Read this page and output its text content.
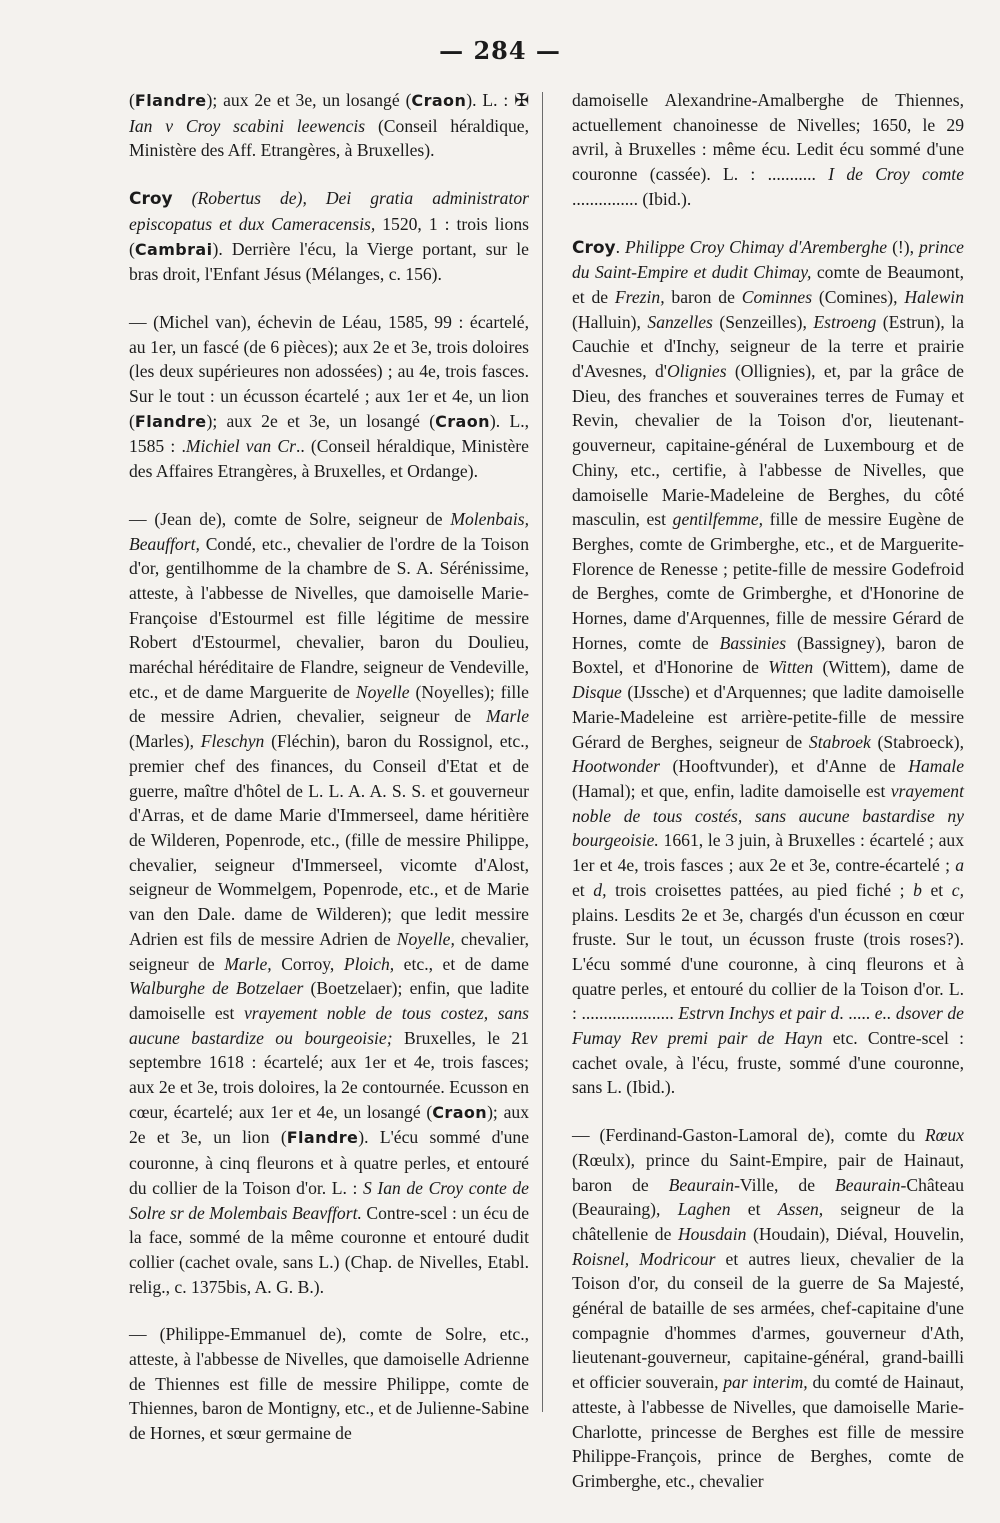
— 284 —

(Flandre); aux 2e et 3e, un losangé (Craon). L. : ✠ Ian v Croy scabini leewencis (Conseil héraldique, Ministère des Aff. Etrangères, à Bruxelles).

Croy (Robertus de), Dei gratia administrator episcopatus et dux Cameracensis, 1520, 1 : trois lions (Cambrai). Derrière l'écu, la Vierge portant, sur le bras droit, l'Enfant Jésus (Mélanges, c. 156).

— (Michel van), échevin de Léau, 1585, 99 : écartelé, au 1er, un fascé (de 6 pièces); aux 2e et 3e, trois doloires (les deux supérieures non adossées) ; au 4e, trois fasces. Sur le tout : un écusson écartelé ; aux 1er et 4e, un lion (Flandre); aux 2e et 3e, un losangé (Craon). L., 1585 : .Michiel van Cr.. (Conseil héraldique, Ministère des Affaires Etrangères, à Bruxelles, et Ordange).

— (Jean de), comte de Solre, seigneur de Molenbais, Beauffort, Condé, etc., chevalier de l'ordre de la Toison d'or, gentilhomme de la chambre de S. A. Sérénissime, atteste, à l'abbesse de Nivelles, que damoiselle Marie-Françoise d'Estourmel est fille légitime de messire Robert d'Estourmel, chevalier, baron du Doulieu, maréchal héréditaire de Flandre, seigneur de Vendeville, etc., et de dame Marguerite de Noyelle (Noyelles); fille de messire Adrien, chevalier, seigneur de Marle (Marles), Fleschyn (Fléchin), baron du Rossignol, etc., premier chef des finances, du Conseil d'Etat et de guerre, maître d'hôtel de L. L. A. A. S. S. et gouverneur d'Arras, et de dame Marie d'Immerseel, dame héritière de Wilderen, Popenrode, etc., (fille de messire Philippe, chevalier, seigneur d'Immerseel, vicomte d'Alost, seigneur de Wommelgem, Popenrode, etc., et de Marie van den Dale. dame de Wilderen); que ledit messire Adrien est fils de messire Adrien de Noyelle, chevalier, seigneur de Marle, Corroy, Ploich, etc., et de dame Walburghe de Botzelaer (Boetzelaer); enfin, que ladite damoiselle est vrayement noble de tous costez, sans aucune bastardize ou bourgeoisie; Bruxelles, le 21 septembre 1618 : écartelé; aux 1er et 4e, trois fasces; aux 2e et 3e, trois doloires, la 2e contournée. Ecusson en cœur, écartelé; aux 1er et 4e, un losangé (Craon); aux 2e et 3e, un lion (Flandre). L'écu sommé d'une couronne, à cinq fleurons et à quatre perles, et entouré du collier de la Toison d'or. L. : S Ian de Croy conte de Solre sr de Molembais Beavffort. Contre-scel : un écu de la face, sommé de la même couronne et entouré dudit collier (cachet ovale, sans L.) (Chap. de Nivelles, Etabl. relig., c. 1375bis, A. G. B.).

— (Philippe-Emmanuel de), comte de Solre, etc., atteste, à l'abbesse de Nivelles, que damoiselle Adrienne de Thiennes est fille de messire Philippe, comte de Thiennes, baron de Montigny, etc., et de Julienne-Sabine de Hornes, et sœur germaine de

damoiselle Alexandrine-Amalberghe de Thiennes, actuellement chanoinesse de Nivelles; 1650, le 29 avril, à Bruxelles : même écu. Ledit écu sommé d'une couronne (cassée). L. : ........... I de Croy comte ............... (Ibid.).

Croy. Philippe Croy Chimay d'Aremberghe (!), prince du Saint-Empire et dudit Chimay, comte de Beaumont, et de Frezin, baron de Cominnes (Comines), Halewin (Halluin), Sanzelles (Senzeilles), Estroeng (Estrun), la Cauchie et d'Inchy, seigneur de la terre et prairie d'Avesnes, d'Olignies (Ollignies), et, par la grâce de Dieu, des franches et souveraines terres de Fumay et Revin, chevalier de la Toison d'or, lieutenant-gouverneur, capitaine-général de Luxembourg et de Chiny, etc., certifie, à l'abbesse de Nivelles, que damoiselle Marie-Madeleine de Berghes, du côté masculin, est gentilfemme, fille de messire Eugène de Berghes, comte de Grimberghe, etc., et de Marguerite-Florence de Renesse ; petite-fille de messire Godefroid de Berghes, comte de Grimberghe, et d'Honorine de Hornes, dame d'Arquennes, fille de messire Gérard de Hornes, comte de Bassinies (Bassigney), baron de Boxtel, et d'Honorine de Witten (Wittem), dame de Disque (IJssche) et d'Arquennes; que ladite damoiselle Marie-Madeleine est arrière-petite-fille de messire Gérard de Berghes, seigneur de Stabroek (Stabroeck), Hootwonder (Hooftvunder), et d'Anne de Hamale (Hamal); et que, enfin, ladite damoiselle est vrayement noble de tous costés, sans aucune bastardise ny bourgeoisie. 1661, le 3 juin, à Bruxelles : écartelé ; aux 1er et 4e, trois fasces ; aux 2e et 3e, contre-écartelé ; a et d, trois croisettes pattées, au pied fiché ; b et c, plains. Lesdits 2e et 3e, chargés d'un écusson en cœur fruste. Sur le tout, un écusson fruste (trois roses?). L'écu sommé d'une couronne, à cinq fleurons et à quatre perles, et entouré du collier de la Toison d'or. L. : ..................... Estrvn Inchys et pair d. ..... e.. dsover de Fumay Rev premi pair de Hayn etc. Contre-scel : cachet ovale, à l'écu, fruste, sommé d'une couronne, sans L. (Ibid.).

— (Ferdinand-Gaston-Lamoral de), comte du Rœux (Rœulx), prince du Saint-Empire, pair de Hainaut, baron de Beaurain-Ville, de Beaurain-Château (Beauraing), Laghen et Assen, seigneur de la châtellenie de Housdain (Houdain), Diéval, Houvelin, Roisnel, Modricour et autres lieux, chevalier de la Toison d'or, du conseil de la guerre de Sa Majesté, général de bataille de ses armées, chef-capitaine d'une compagnie d'hommes d'armes, gouverneur d'Ath, lieutenant-gouverneur, capitaine-général, grand-bailli et officier souverain, par interim, du comté de Hainaut, atteste, à l'abbesse de Nivelles, que damoiselle Marie-Charlotte, princesse de Berghes est fille de messire Philippe-François, prince de Berghes, comte de Grimberghe, etc., chevalier
